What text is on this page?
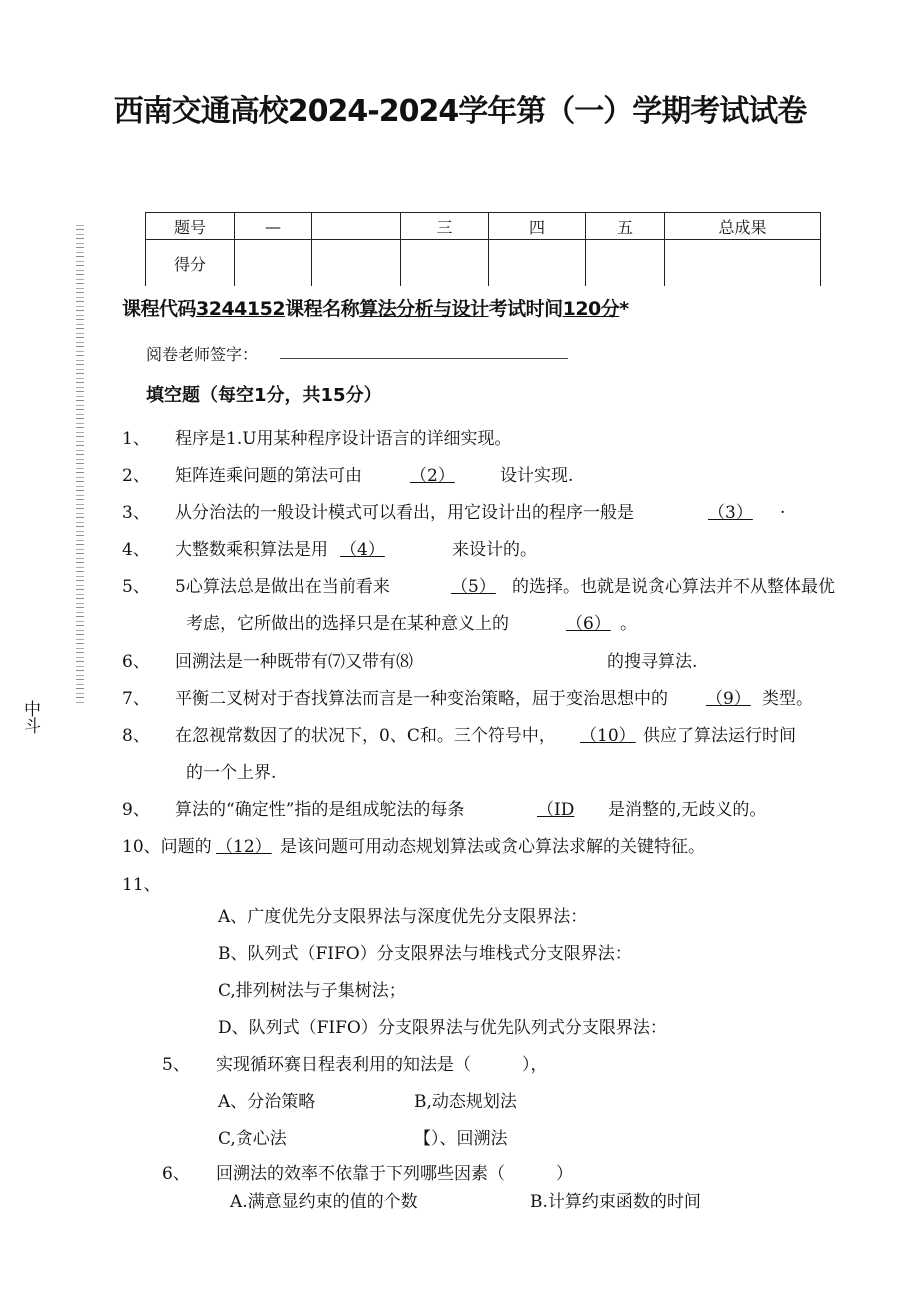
西南交通高校2024-2024学年第（一）学期考试试卷
中斗
题号	—		三	四	五	总成果
得分						
课程代码3244152课程名称算法分析与设计考试时间120分*
阅卷老师签字：
填空题（每空1分，共15分）
1、 程序是1.U用某种程序设计语言的详细实现。
2、 矩阵连乘问题的第法可由	（2）	设计实现.
3、 从分治法的一般设计模式可以看出，用它设计出的程序一般是	（3） .
4、 大整数乘积算法是用 （4）	来设计的。
5、 5心算法总是做出在当前看来	（5） 的选择。也就是说贪心算法并不从整体最优
考虑，它所做出的选择只是在某种意义上的	（6） 。
6、 回溯法是一种既带有⑺又带有⑻	的搜寻算法.
7、 平衡二叉树对于杳找算法而言是一种变治策略，屈于变治思想中的 （9） 类型。
8、 在忽视常数因了的状况下，0、C和。三个符号中， （10） 供应了算法运行时间
的一个上界.
9、 算法的“确定性”指的是组成鸵法的每条	（ID 是消整的,无歧义的。
10、问题的 （12） 是该问题可用动态规划算法或贪心算法求解的关键特征。
11、
A、广度优先分支限界法与深度优先分支限界法：
B、队列式（FIFO）分支限界法与堆栈式分支限界法：
C,排列树法与子集树法；
D、队列式（FIFO）分支限界法与优先队列式分支限界法：
5、 实现循环赛日程表利用的知法是（　　　），
A、分治策略	B,动态规划法
C,贪心法	【）、回溯法
6、 回溯法的效率不依靠于下列哪些因素（　　　）
A.满意显约束的值的个数	B.计算约束函数的时间
